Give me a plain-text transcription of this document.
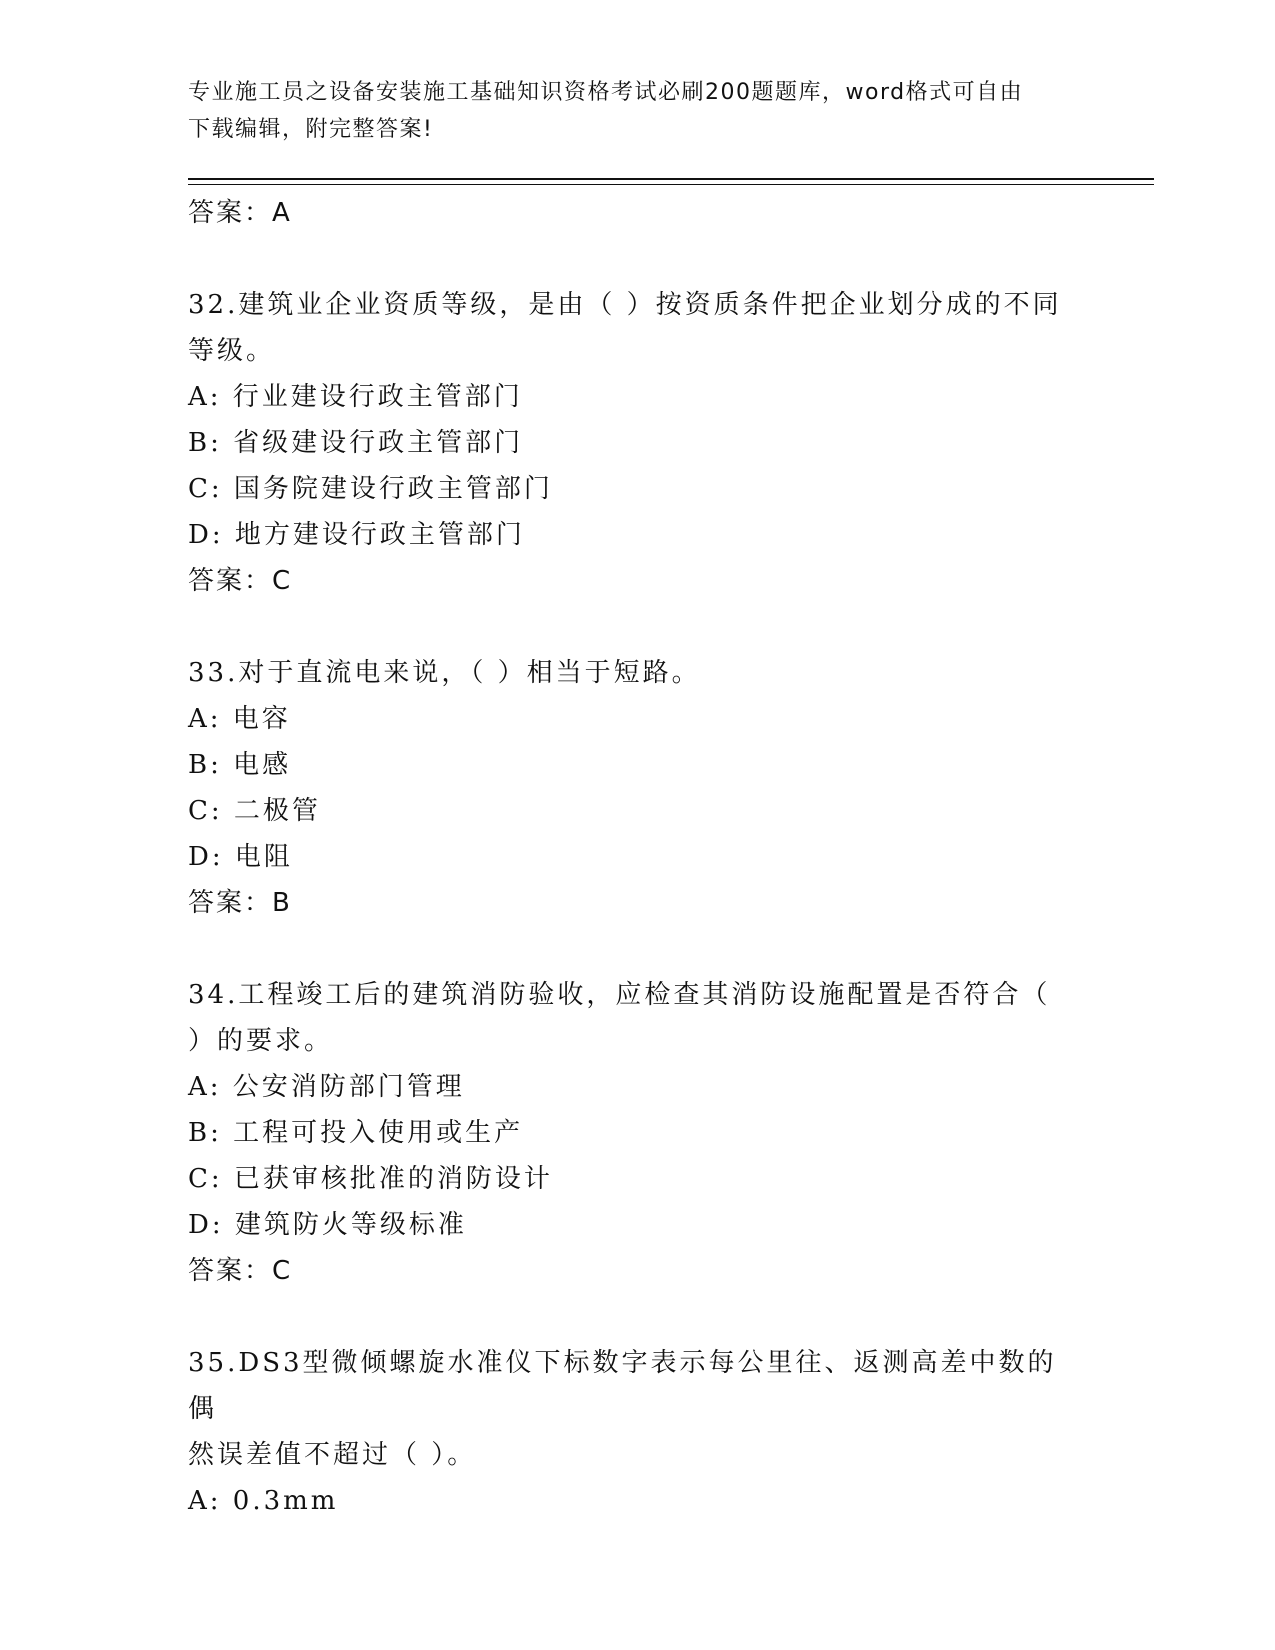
专业施工员之设备安装施工基础知识资格考试必刷200题题库，word格式可自由
下载编辑，附完整答案!
答案：A
32.建筑业企业资质等级，是由（ ）按资质条件把企业划分成的不同
等级。
A: 行业建设行政主管部门
B: 省级建设行政主管部门
C: 国务院建设行政主管部门
D: 地方建设行政主管部门
答案：C
33.对于直流电来说，（ ）相当于短路。
A: 电容
B: 电感
C: 二极管
D: 电阻
答案：B
34.工程竣工后的建筑消防验收，应检查其消防设施配置是否符合（
）的要求。
A: 公安消防部门管理
B: 工程可投入使用或生产
C: 已获审核批准的消防设计
D: 建筑防火等级标准
答案：C
35.DS3型微倾螺旋水准仪下标数字表示每公里往、返测高差中数的偶
然误差值不超过（ ）。
A: 0.3mm
